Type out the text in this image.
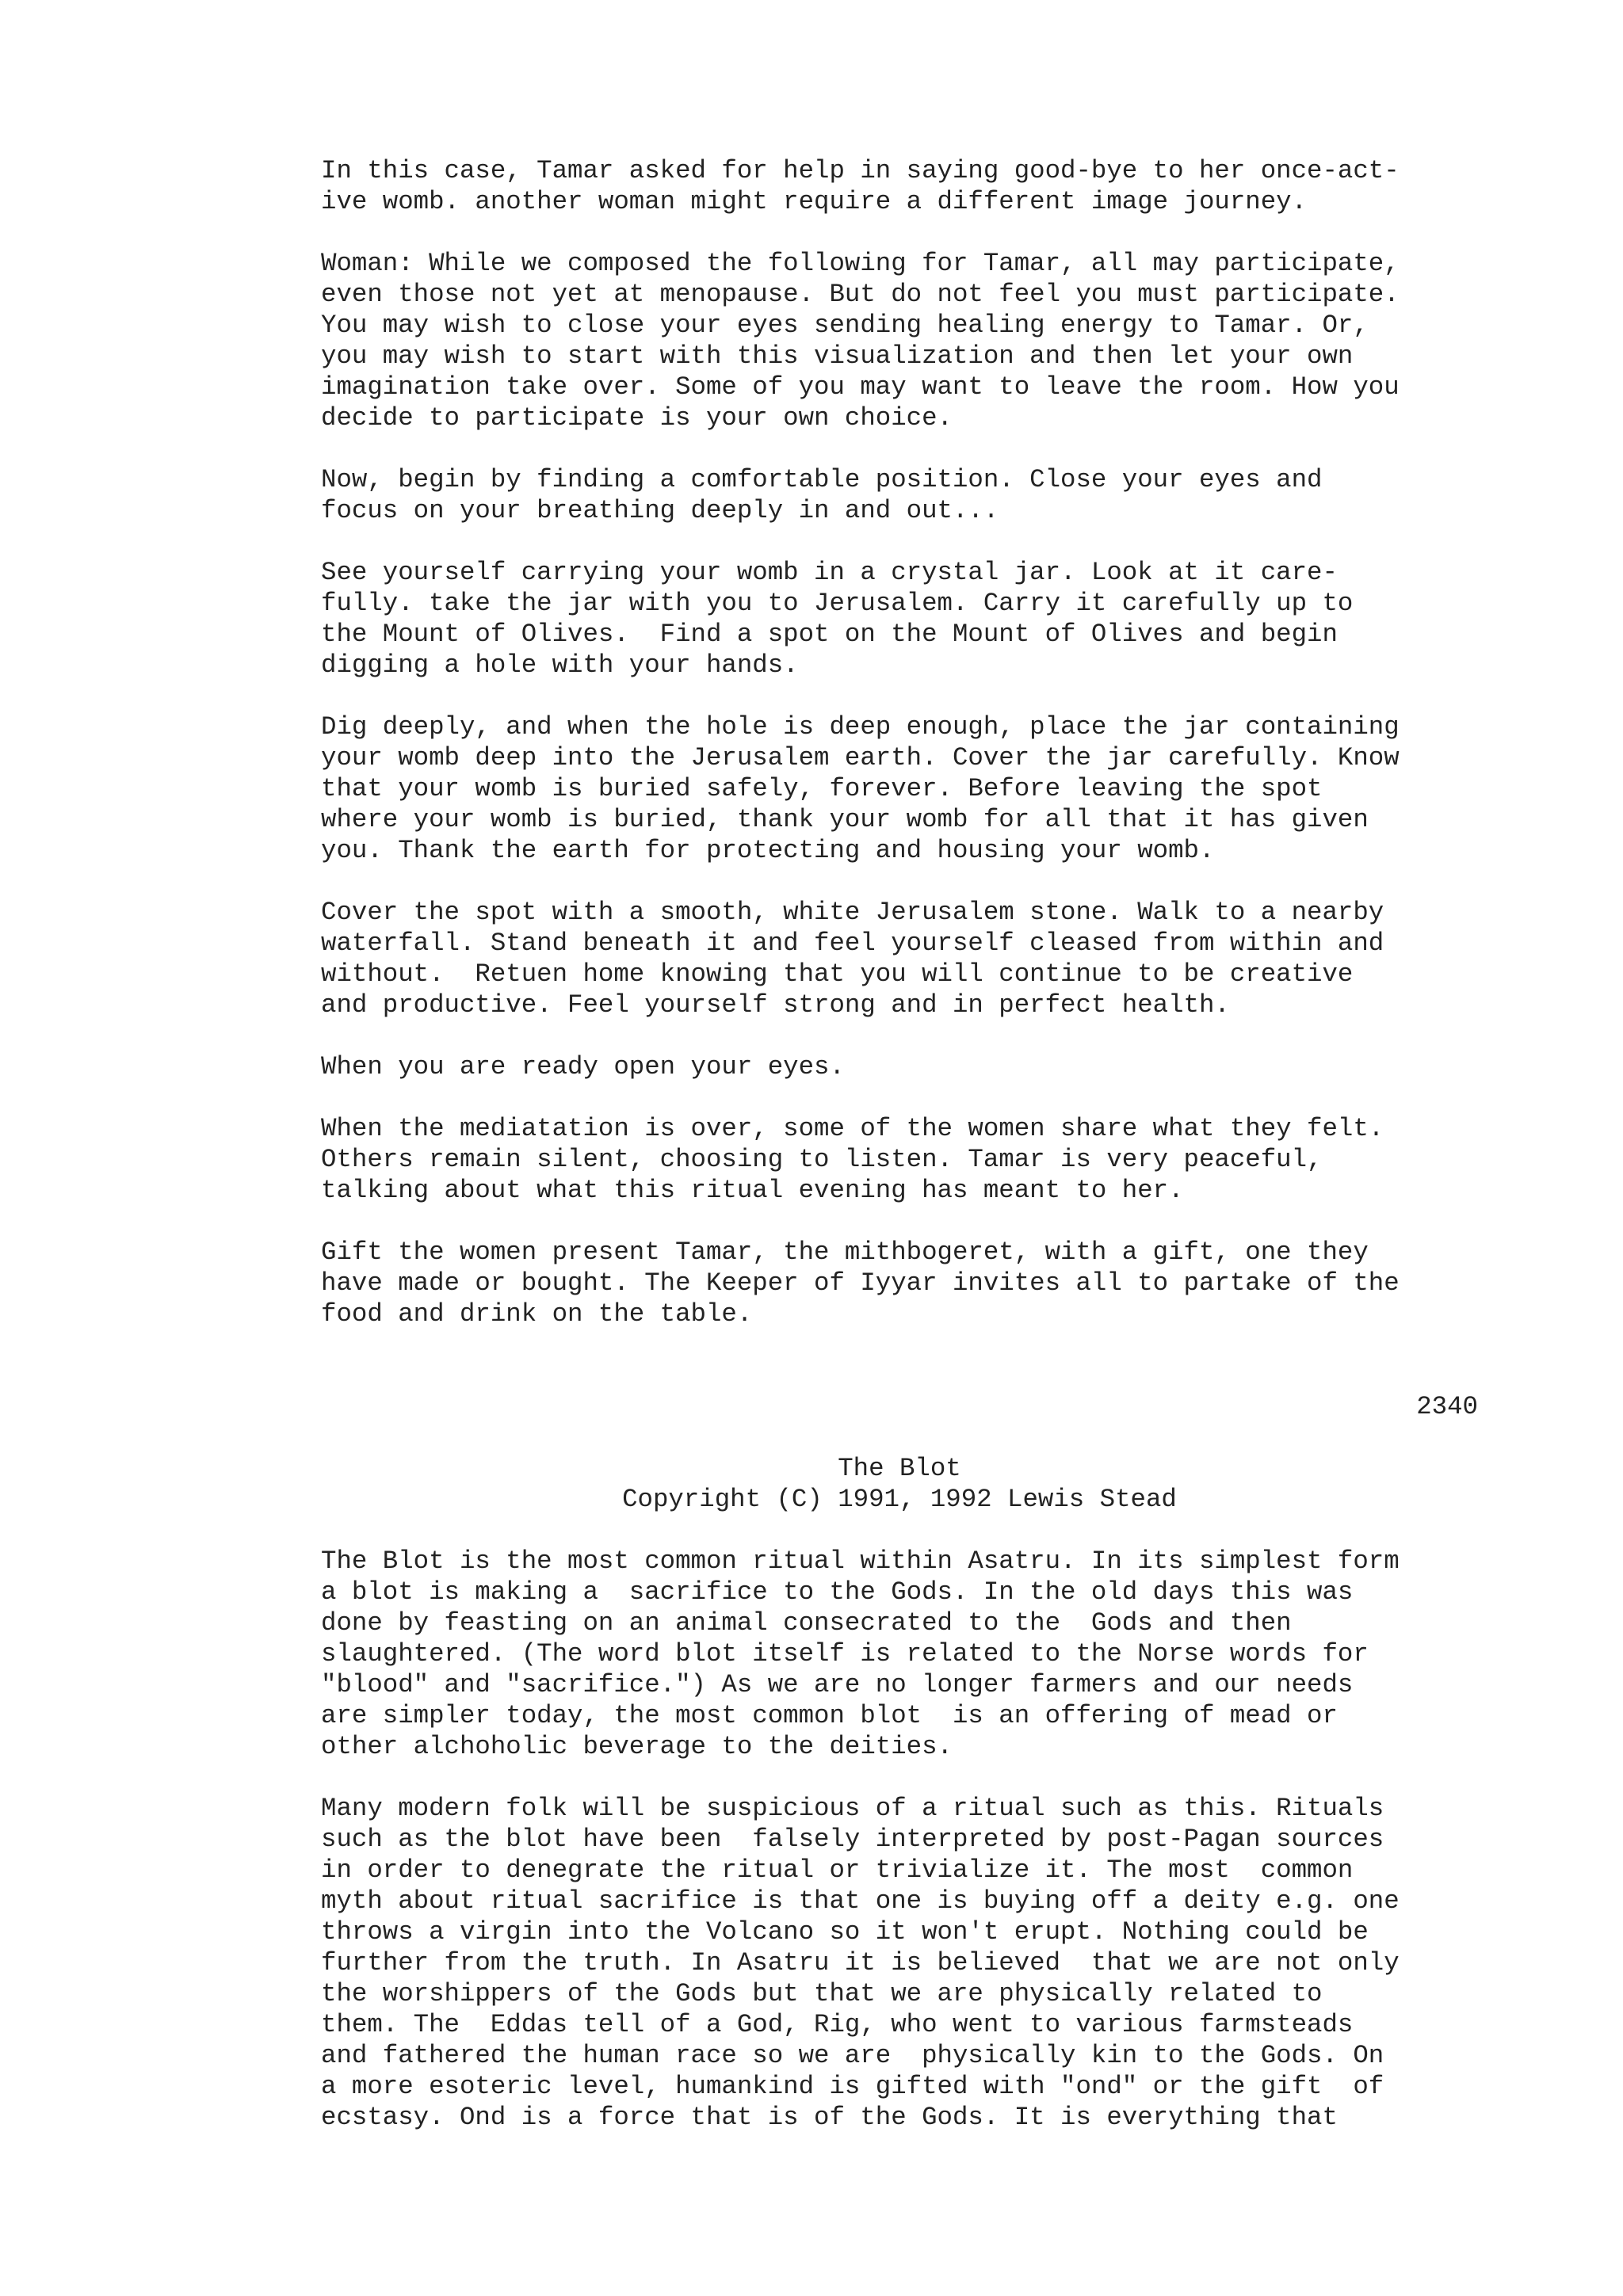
In this case, Tamar asked for help in saying good-bye to her once-act-
ive womb. another woman might require a different image journey.
Woman: While we composed the following for Tamar, all may participate,
even those not yet at menopause. But do not feel you must participate.
You may wish to close your eyes sending healing energy to Tamar. Or,
you may wish to start with this visualization and then let your own
imagination take over. Some of you may want to leave the room. How you
decide to participate is your own choice.
Now, begin by finding a comfortable position. Close your eyes and
focus on your breathing deeply in and out...
See yourself carrying your womb in a crystal jar. Look at it care-
fully. take the jar with you to Jerusalem. Carry it carefully up to
the Mount of Olives.  Find a spot on the Mount of Olives and begin
digging a hole with your hands.
Dig deeply, and when the hole is deep enough, place the jar containing
your womb deep into the Jerusalem earth. Cover the jar carefully. Know
that your womb is buried safely, forever. Before leaving the spot
where your womb is buried, thank your womb for all that it has given
you. Thank the earth for protecting and housing your womb.
Cover the spot with a smooth, white Jerusalem stone. Walk to a nearby
waterfall. Stand beneath it and feel yourself cleased from within and
without.  Retuen home knowing that you will continue to be creative
and productive. Feel yourself strong and in perfect health.
When you are ready open your eyes.
When the mediatation is over, some of the women share what they felt.
Others remain silent, choosing to listen. Tamar is very peaceful,
talking about what this ritual evening has meant to her.
Gift the women present Tamar, the mithbogeret, with a gift, one they
have made or bought. The Keeper of Iyyar invites all to partake of the
food and drink on the table.
2340
The Blot
Copyright (C) 1991, 1992 Lewis Stead
The Blot is the most common ritual within Asatru. In its simplest form
a blot is making a  sacrifice to the Gods. In the old days this was
done by feasting on an animal consecrated to the  Gods and then
slaughtered. (The word blot itself is related to the Norse words for
"blood" and "sacrifice.") As we are no longer farmers and our needs
are simpler today, the most common blot  is an offering of mead or
other alchoholic beverage to the deities.
Many modern folk will be suspicious of a ritual such as this. Rituals
such as the blot have been  falsely interpreted by post-Pagan sources
in order to denegrate the ritual or trivialize it. The most  common
myth about ritual sacrifice is that one is buying off a deity e.g. one
throws a virgin into the Volcano so it won't erupt. Nothing could be
further from the truth. In Asatru it is believed  that we are not only
the worshippers of the Gods but that we are physically related to
them. The  Eddas tell of a God, Rig, who went to various farmsteads
and fathered the human race so we are  physically kin to the Gods. On
a more esoteric level, humankind is gifted with "ond" or the gift  of
ecstasy. Ond is a force that is of the Gods. It is everything that
